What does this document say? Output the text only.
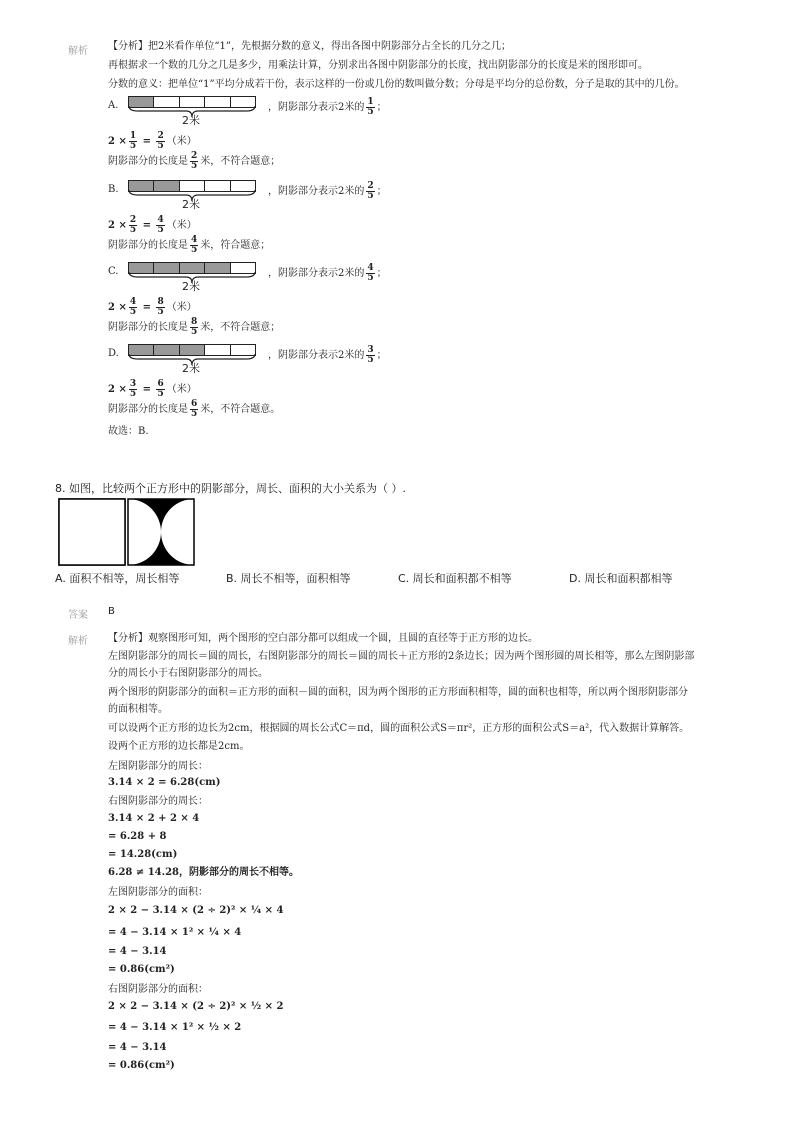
解析 【分析】把2米看作单位“1”，先根据分数的意义，得出各图中阴影部分占全长的几分之几；
再根据求一个数的几分之几是多少，用乘法计算，分别求出各图中阴影部分的长度，找出阴影部分的长度是米的图形即可。
分数的意义：把单位“1”平均分成若干份，表示这样的一份或几份的数叫做分数；分母是平均分的总份数，分子是取的其中的几份。
A.
2米
，阴影部分表示2米的 $\frac{1}{5}$ ；
$2 \times \frac{1}{5} = \frac{2}{5}$ （米）
阴影部分的长度是 $\frac{2}{5}$ 米，不符合题意；
B.
2米
，阴影部分表示2米的 $\frac{2}{5}$ ；
$2 \times \frac{2}{5} = \frac{4}{5}$ （米）
阴影部分的长度是 $\frac{4}{5}$ 米，符合题意；
C.
2米
，阴影部分表示2米的 $\frac{4}{5}$ ；
$2 \times \frac{4}{5} = \frac{8}{5}$ （米）
阴影部分的长度是 $\frac{8}{5}$ 米，不符合题意；
D.
2米
，阴影部分表示2米的 $\frac{3}{5}$ ；
$2 \times \frac{3}{5} = \frac{6}{5}$ （米）
阴影部分的长度是 $\frac{6}{5}$ 米，不符合题意。
故选：B.
8. 如图，比较两个正方形中的阴影部分，周长、面积的大小关系为（ ）.
A. 面积不相等，周长相等	B. 周长不相等，面积相等	C. 周长和面积都不相等	D. 周长和面积都相等
答案 B
解析 【分析】观察图形可知，两个图形的空白部分都可以组成一个圆，且圆的直径等于正方形的边长。
左图阴影部分的周长＝圆的周长，右图阴影部分的周长＝圆的周长＋正方形的2条边长；因为两个图形圆的周长相等，那么左图阴影部
分的周长小于右图阴影部分的周长。
两个图形的阴影部分的面积＝正方形的面积－圆的面积，因为两个图形的正方形面积相等，圆的面积也相等，所以两个图形阴影部分
的面积相等。
可以设两个正方形的边长为2cm，根据圆的周长公式C＝πd，圆的面积公式S＝πr²，正方形的面积公式S＝a²，代入数据计算解答。
设两个正方形的边长都是2cm。
左图阴影部分的周长：
3.14 × 2 = 6.28(cm)
右图阴影部分的周长：
3.14 × 2 + 2 × 4
= 6.28 + 8
= 14.28(cm)
6.28 ≠ 14.28，阴影部分的周长不相等。
左图阴影部分的面积：
2 × 2 − 3.14 × (2 ÷ 2)² × ¼ × 4
= 4 − 3.14 × 1² × ¼ × 4
= 4 − 3.14
= 0.86(cm²)
右图阴影部分的面积：
2 × 2 − 3.14 × (2 ÷ 2)² × ½ × 2
= 4 − 3.14 × 1² × ½ × 2
= 4 − 3.14
= 0.86(cm²)
